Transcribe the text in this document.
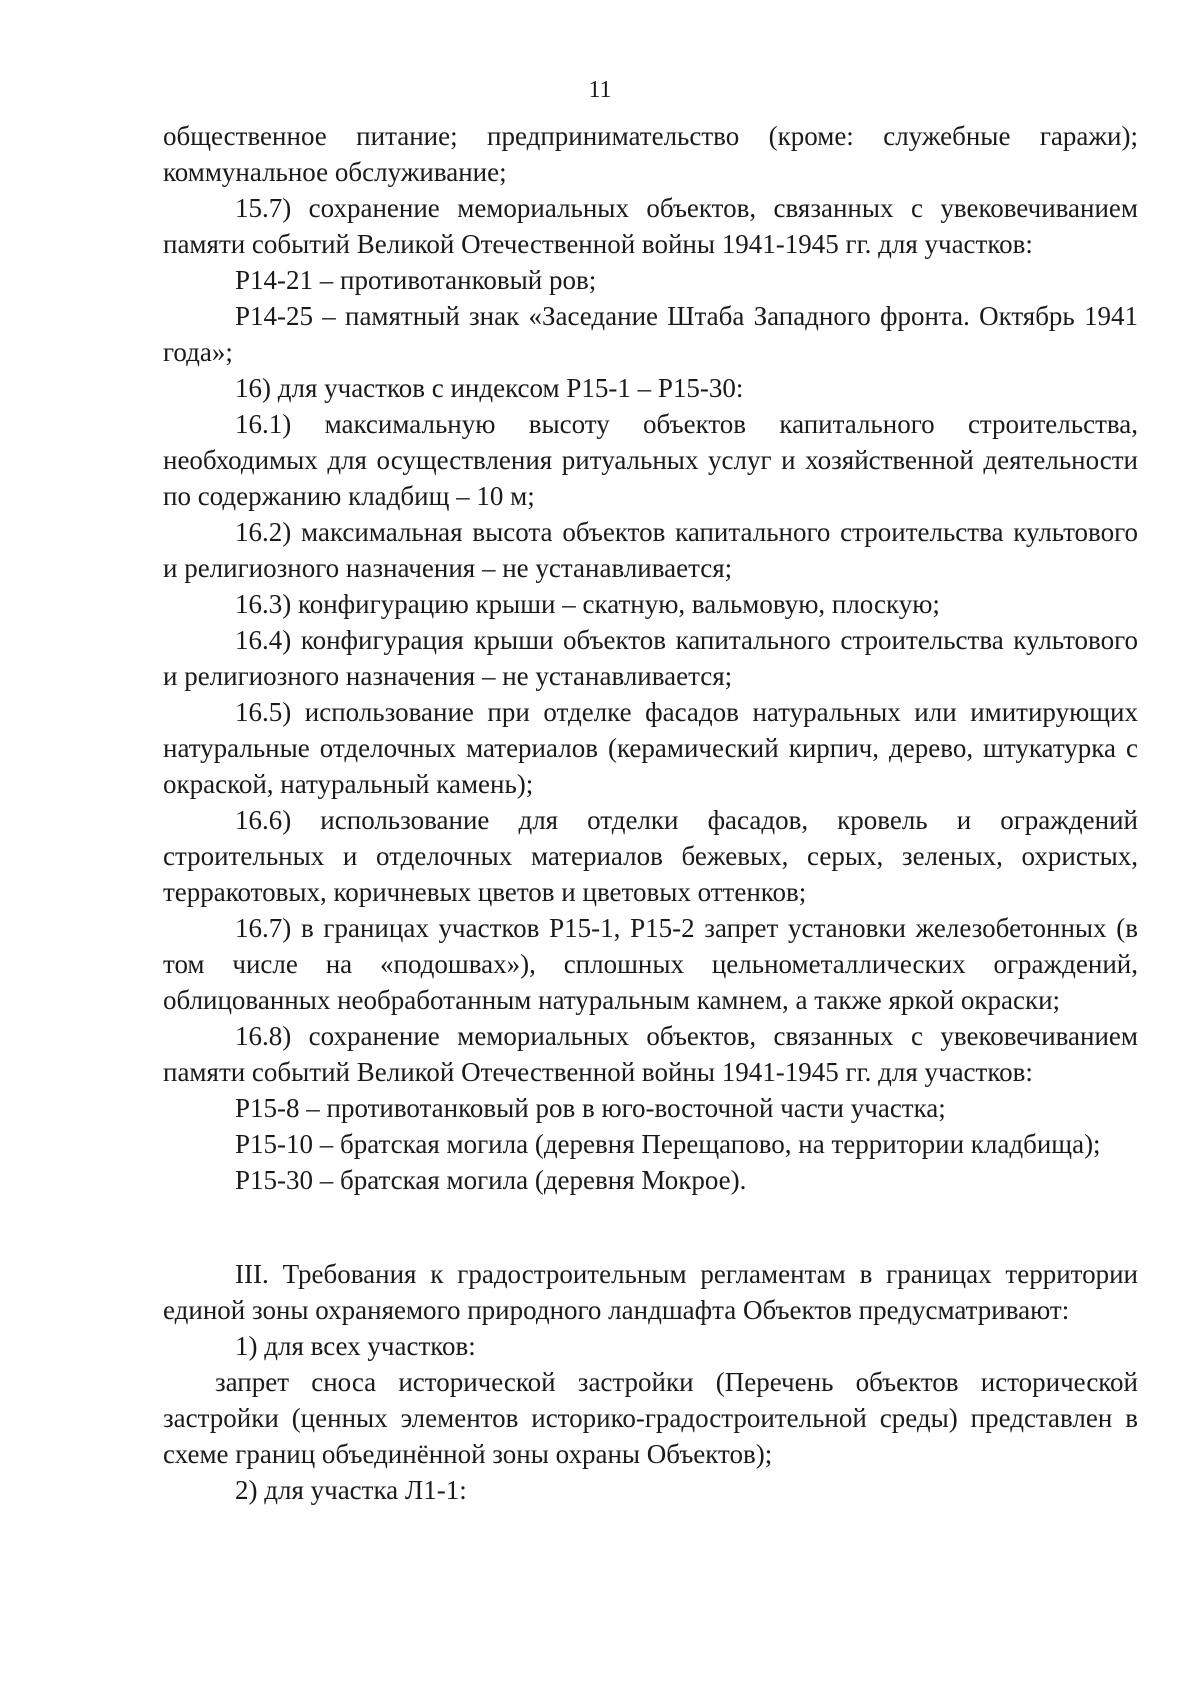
11

общественное питание; предпринимательство (кроме: служебные гаражи); коммунальное обслуживание;

15.7) сохранение мемориальных объектов, связанных с увековечиванием памяти событий Великой Отечественной войны 1941-1945 гг. для участков:

Р14-21 – противотанковый ров;

Р14-25 – памятный знак «Заседание Штаба Западного фронта. Октябрь 1941 года»;

16) для участков с индексом Р15-1 – Р15-30:

16.1) максимальную высоту объектов капитального строительства, необходимых для осуществления ритуальных услуг и хозяйственной деятельности по содержанию кладбищ – 10 м;

16.2) максимальная высота объектов капитального строительства культового и религиозного назначения – не устанавливается;

16.3) конфигурацию крыши – скатную, вальмовую, плоскую;

16.4) конфигурация крыши объектов капитального строительства культового и религиозного назначения – не устанавливается;

16.5) использование при отделке фасадов натуральных или имитирующих натуральные отделочных материалов (керамический кирпич, дерево, штукатурка с окраской, натуральный камень);

16.6) использование для отделки фасадов, кровель и ограждений строительных и отделочных материалов бежевых, серых, зеленых, охристых, терракотовых, коричневых цветов и цветовых оттенков;

16.7) в границах участков Р15-1, Р15-2 запрет установки железобетонных (в том числе на «подошвах»), сплошных цельнометаллических ограждений, облицованных необработанным натуральным камнем, а также яркой окраски;

16.8) сохранение мемориальных объектов, связанных с увековечиванием памяти событий Великой Отечественной войны 1941-1945 гг. для участков:

Р15-8 – противотанковый ров в юго-восточной части участка;

Р15-10 – братская могила (деревня Перещапово, на территории кладбища);

Р15-30 – братская могила (деревня Мокрое).

III. Требования к градостроительным регламентам в границах территории единой зоны охраняемого природного ландшафта Объектов предусматривают:

1) для всех участков:

запрет сноса исторической застройки (Перечень объектов исторической застройки (ценных элементов историко-градостроительной среды) представлен в схеме границ объединённой зоны охраны Объектов);

2) для участка Л1-1:
